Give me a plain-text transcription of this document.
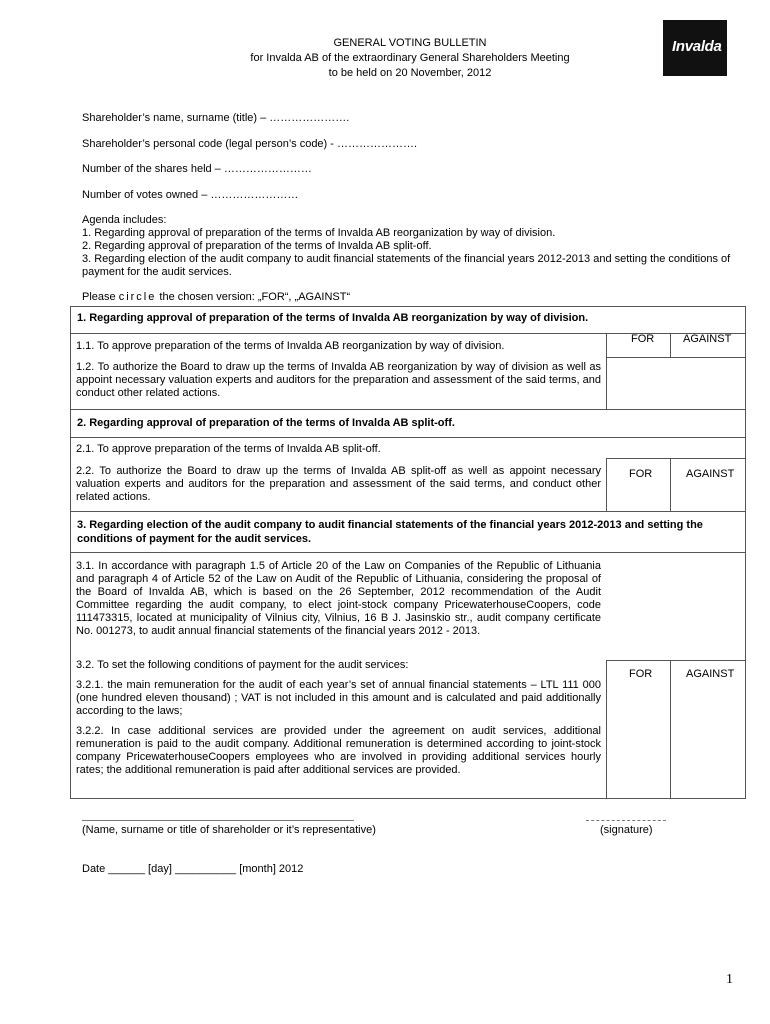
GENERAL VOTING BULLETIN
for Invalda AB of the extraordinary General Shareholders Meeting
to be held on 20 November, 2012
Invalda
Shareholder’s name, surname (title) – ………………….
Shareholder’s personal code (legal person’s code) - ………………….
Number of the shares held – ……………………
Number of votes owned – ……………………

Agenda includes:

1. Regarding approval of preparation of the terms of Invalda AB reorganization by way of division.

2. Regarding approval of preparation of the terms of Invalda AB split-off.

3. Regarding election of the audit company to audit financial statements of the financial years 2012-2013 and setting the conditions of payment for the audit services.

Please circle the chosen version: „FOR“, „AGAINST“
1. Regarding approval of preparation of the terms of Invalda AB reorganization by way of division.
FOR	AGAINST
1.1. To approve preparation of the terms of Invalda AB reorganization by way of division.
1.2. To authorize the Board to draw up the terms of Invalda AB reorganization by way of division as well as appoint necessary valuation experts and auditors for the preparation and assessment of the said terms, and conduct other related actions.
2. Regarding approval of preparation of the terms of Invalda AB split-off.
FOR	AGAINST
2.1. To approve preparation of the terms of Invalda AB split-off.
2.2. To authorize the Board to draw up the terms of Invalda AB split-off as well as appoint necessary valuation experts and auditors for the preparation and assessment of the said terms, and conduct other related actions.
3. Regarding election of the audit company to audit financial statements of the financial years 2012-2013 and setting the conditions of payment for the audit services.
FOR	AGAINST
3.1. In accordance with paragraph 1.5 of Article 20 of the Law on Companies of the Republic of Lithuania and paragraph 4 of Article 52 of the Law on Audit of the Republic of Lithuania, considering the proposal of the Board of Invalda AB, which is based on the 26 September, 2012 recommendation of the Audit Committee regarding the audit company, to elect joint-stock company PricewaterhouseCoopers, code 111473315, located at municipality of Vilnius city, Vilnius, 16 B J. Jasinskio str., audit company certificate No. 001273, to audit annual financial statements of the financial years 2012 - 2013.
3.2. To set the following conditions of payment for the audit services:
3.2.1. the main remuneration for the audit of each year’s set of annual financial statements – LTL 111 000 (one hundred eleven thousand) ; VAT is not included in this amount and is calculated and paid additionally according to the laws;
3.2.2. In case additional services are provided under the agreement on audit services, additional remuneration is paid to the audit company. Additional remuneration is determined according to joint-stock company PricewaterhouseCoopers employees who are involved in providing additional services hourly rates; the additional remuneration is paid after additional services are provided.
(Name, surname or title of shareholder or it’s representative)	(signature)
Date ______ [day] __________ [month] 2012
1
